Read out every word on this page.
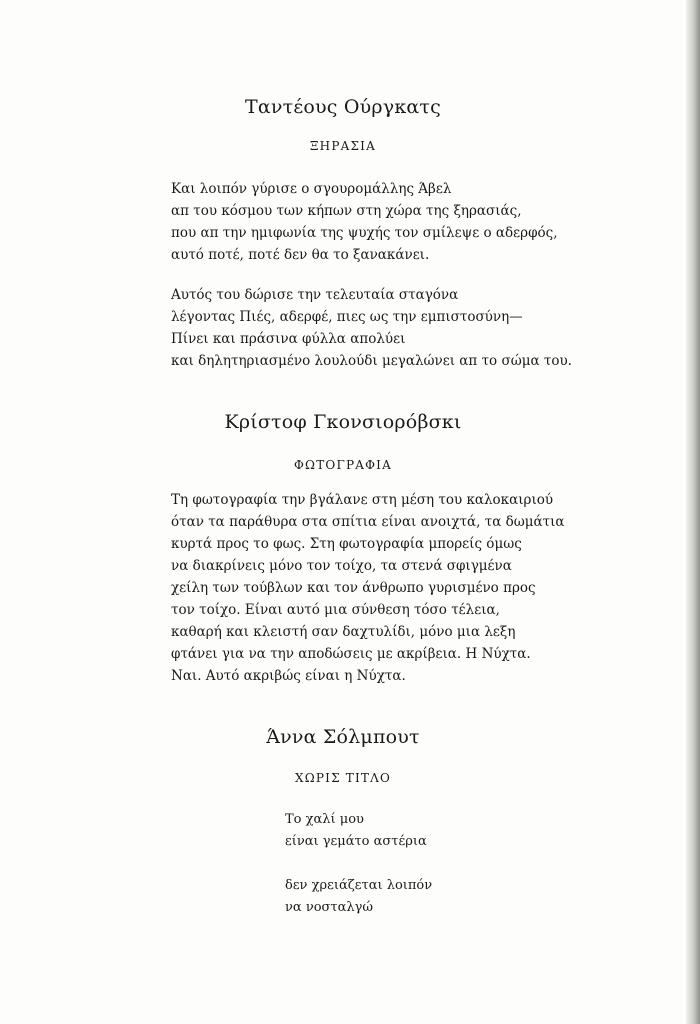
Ταντέους Ούργκατς
ΞΗΡΑΣΙΑ
Και λοιπόν γύρισε ο σγουρομάλλης Άβελ
απ του κόσμου των κήπων στη χώρα της ξηρασιάς,
που απ την ημιφωνία της ψυχής τον σμίλεψε ο αδερφός,
αυτό ποτέ, ποτέ δεν θα το ξανακάνει.
Αυτός του δώρισε την τελευταία σταγόνα
λέγοντας Πιές, αδερφέ, πιες ως την εμπιστοσύνη—
Πίνει και πράσινα φύλλα απολύει
και δηλητηριασμένο λουλούδι μεγαλώνει απ το σώμα του.
Κρίστοφ Γκονσιορόβσκι
ΦΩΤΟΓΡΑΦΙΑ
Τη φωτογραφία την βγάλανε στη μέση του καλοκαιριού
όταν τα παράθυρα στα σπίτια είναι ανοιχτά, τα δωμάτια
κυρτά προς το φως. Στη φωτογραφία μπορείς όμως
να διακρίνεις μόνο τον τοίχο, τα στενά σφιγμένα
χείλη των τούβλων και τον άνθρωπο γυρισμένο προς
τον τοίχο. Είναι αυτό μια σύνθεση τόσο τέλεια,
καθαρή και κλειστή σαν δαχτυλίδι, μόνο μια λεξη
φτάνει για να την αποδώσεις με ακρίβεια. Η Νύχτα.
Ναι. Αυτό ακριβώς είναι η Νύχτα.
Άννα Σόλμπουτ
ΧΩΡΙΣ ΤΙΤΛΟ
Το χαλί μου
είναι γεμάτο αστέρια
δεν χρειάζεται λοιπόν
να νοσταλγώ
